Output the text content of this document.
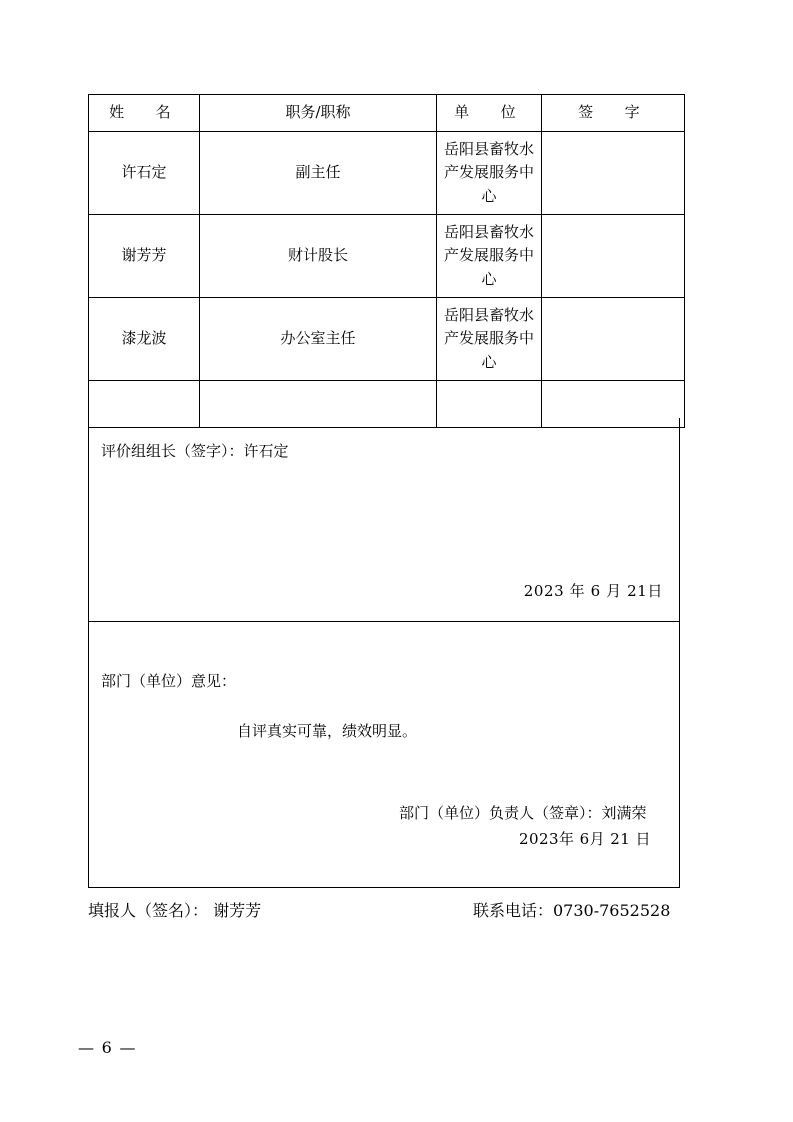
姓　名	职务/职称	单　位	签　字
许石定	副主任	岳阳县畜牧水产发展服务中心	
谢芳芳	财计股长	岳阳县畜牧水产发展服务中心	
漆龙波	办公室主任	岳阳县畜牧水产发展服务中心	

评价组组长（签字）：许石定
2023 年 6 月 21日
部门（单位）意见：
自评真实可靠，绩效明显。
部门（单位）负责人（签章）：刘满荣
2023年 6月 21 日
填报人（签名）： 谢芳芳	联系电话：0730-7652528
— 6 —
